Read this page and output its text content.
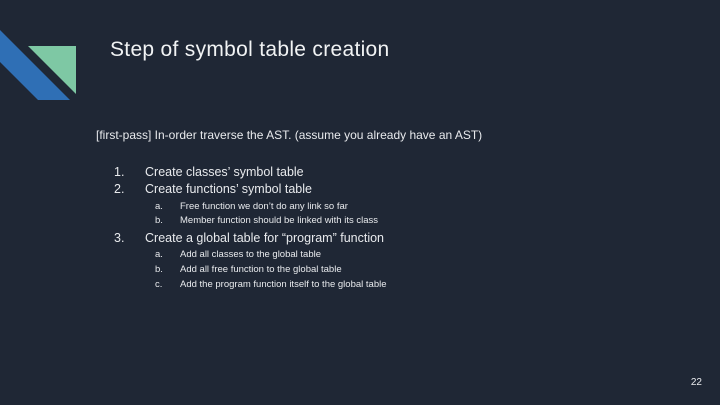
Step of symbol table creation
[first-pass] In-order traverse the AST. (assume you already have an AST)
1. Create classes’ symbol table
2. Create functions’ symbol table
a. Free function we don’t do any link so far
b. Member function should be linked with its class
3. Create a global table for “program” function
a. Add all classes to the global table
b. Add all free function to the global table
c. Add the program function itself to the global table
22
